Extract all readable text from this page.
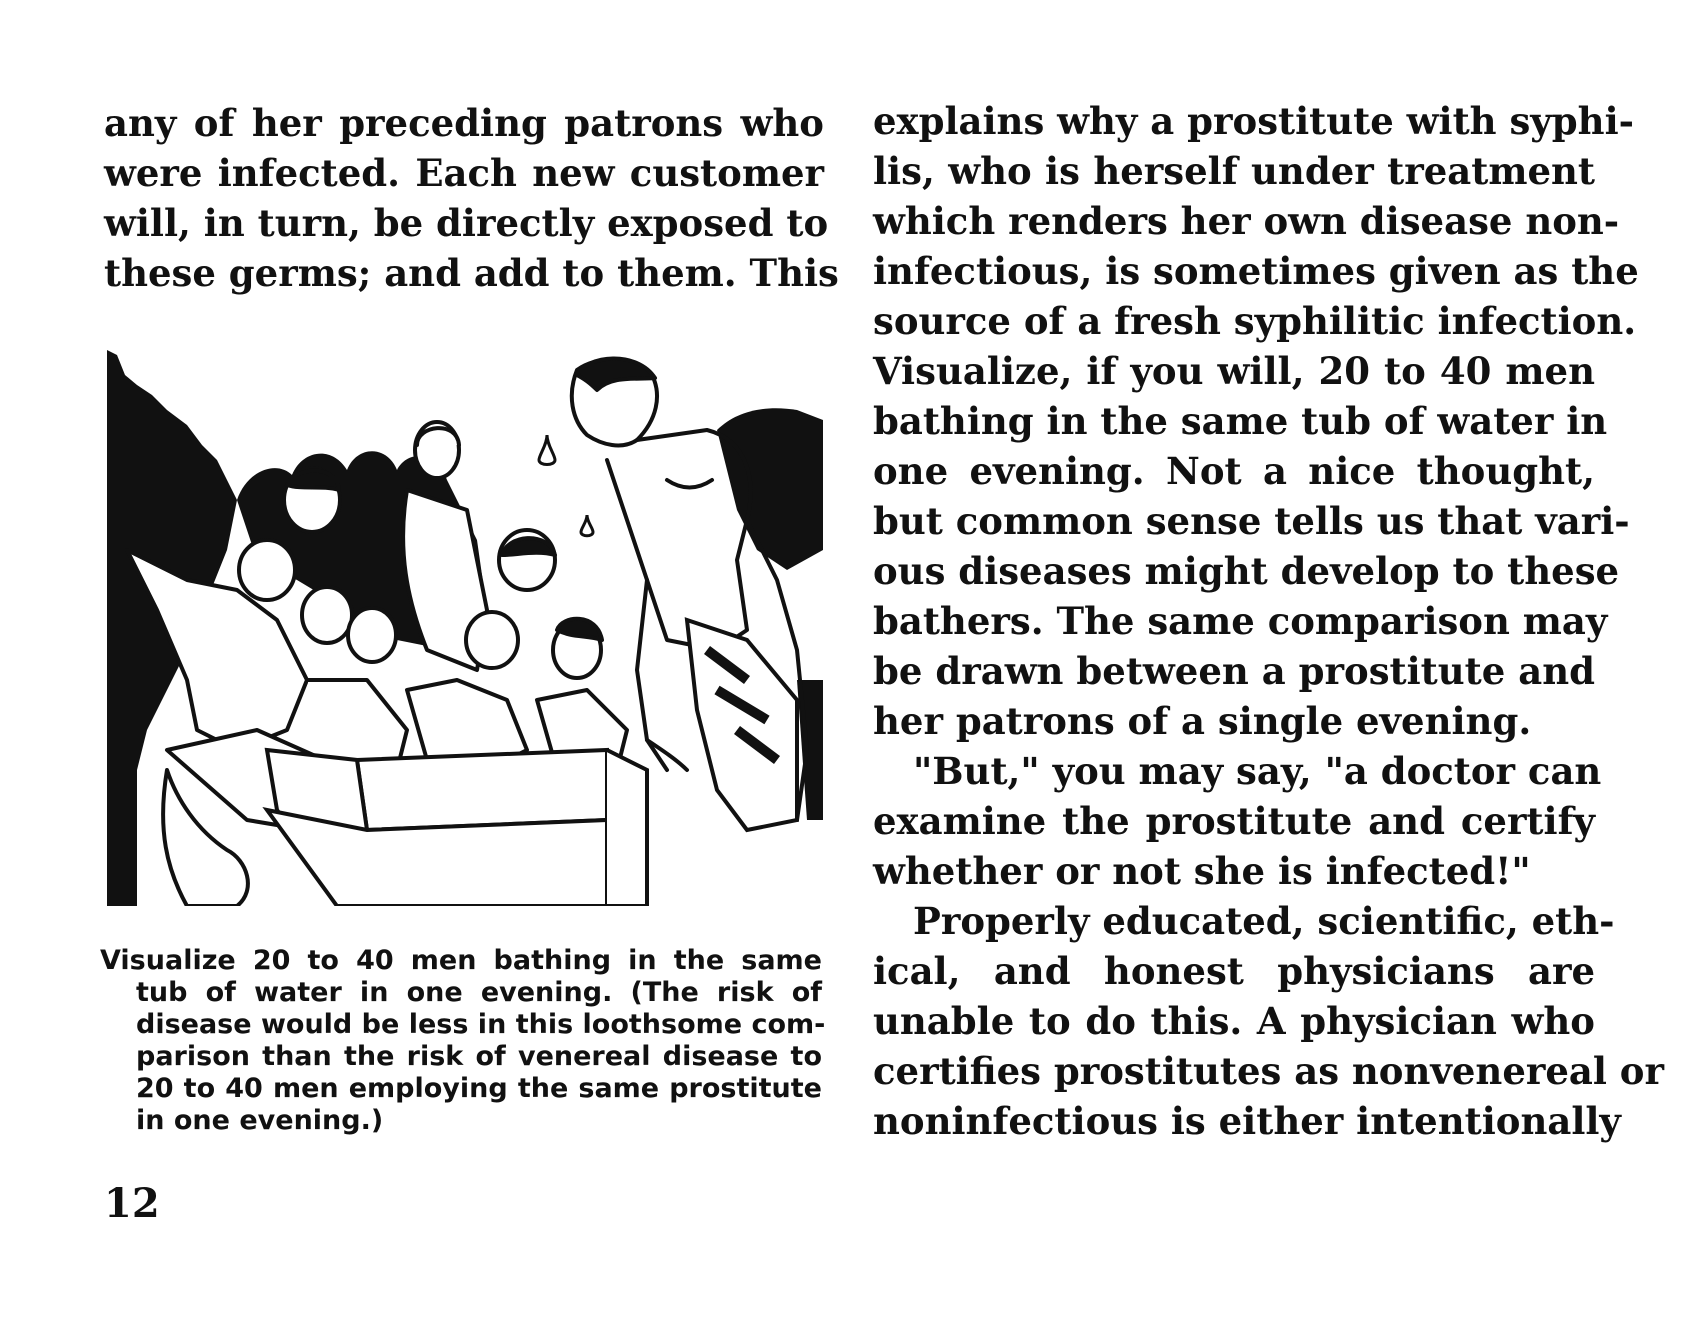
any of her preceding patrons who
were infected. Each new customer
will, in turn, be directly exposed to
these germs; and add to them. This
Visualize 20 to 40 men bathing in the same
tub of water in one evening. (The risk of
disease would be less in this loothsome com-
parison than the risk of venereal disease to
20 to 40 men employing the same prostitute
in one evening.)
explains why a prostitute with syphi-
lis, who is herself under treatment
which renders her own disease non-
infectious, is sometimes given as the
source of a fresh syphilitic infection.
Visualize, if you will, 20 to 40 men
bathing in the same tub of water in
one evening. Not a nice thought,
but common sense tells us that vari-
ous diseases might develop to these
bathers. The same comparison may
be drawn between a prostitute and
her patrons of a single evening.
"But," you may say, "a doctor can
examine the prostitute and certify
whether or not she is infected!"
Properly educated, scientific, eth-
ical, and honest physicians are
unable to do this. A physician who
certifies prostitutes as nonvenereal or
noninfectious is either intentionally
12
